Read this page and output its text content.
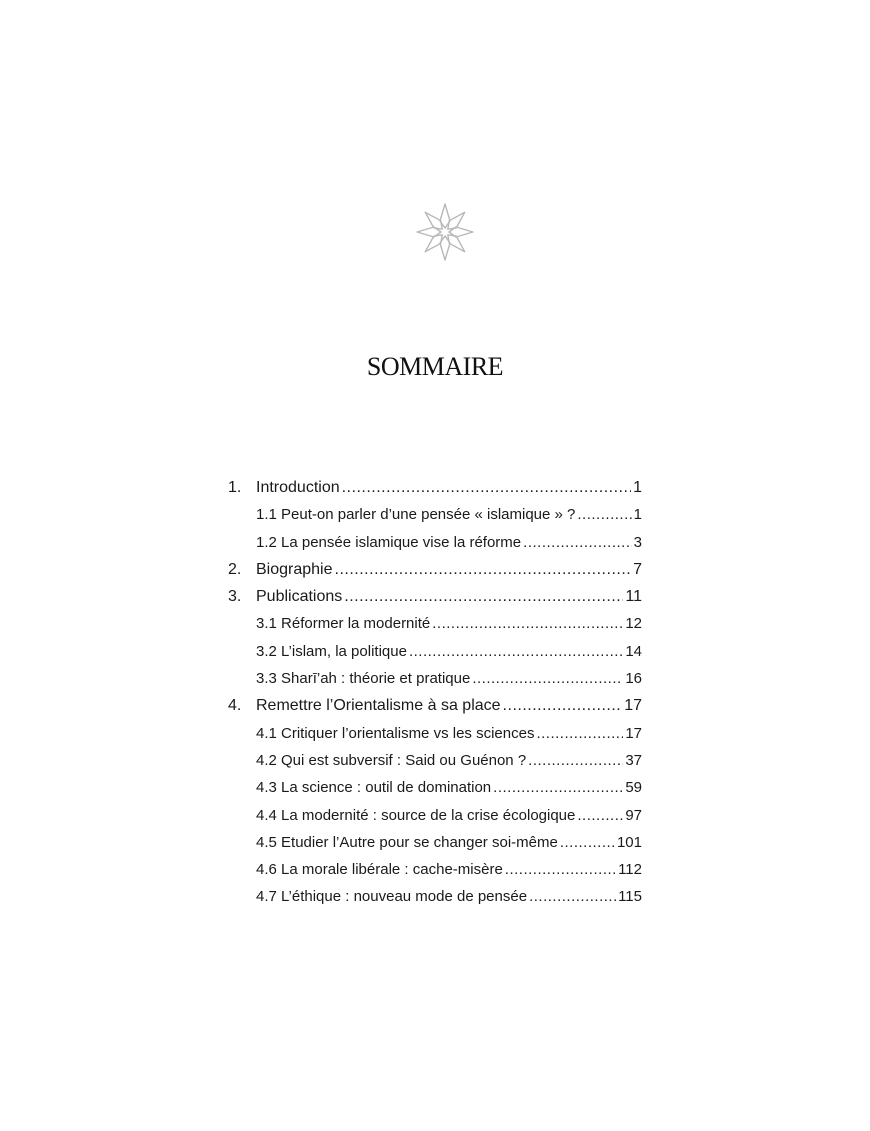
SOMMAIRE
1. Introduction .....	1
1.1 Peut-on parler d’une pensée « islamique » ? .....	1
1.2 La pensée islamique vise la réforme .....	3
2. Biographie .....	7
3. Publications .....	11
3.1 Réformer la modernité .....	12
3.2 L’islam, la politique .....	14
3.3 Sharī’ah : théorie et pratique .....	16
4. Remettre l’Orientalisme à sa place .....	17
4.1 Critiquer l’orientalisme vs les sciences .....	17
4.2 Qui est subversif : Said ou Guénon ? .....	37
4.3 La science : outil de domination .....	59
4.4 La modernité : source de la crise écologique .....	97
4.5 Etudier l’Autre pour se changer soi-même .....	101
4.6 La morale libérale : cache-misère .....	112
4.7 L’éthique : nouveau mode de pensée .....	115
